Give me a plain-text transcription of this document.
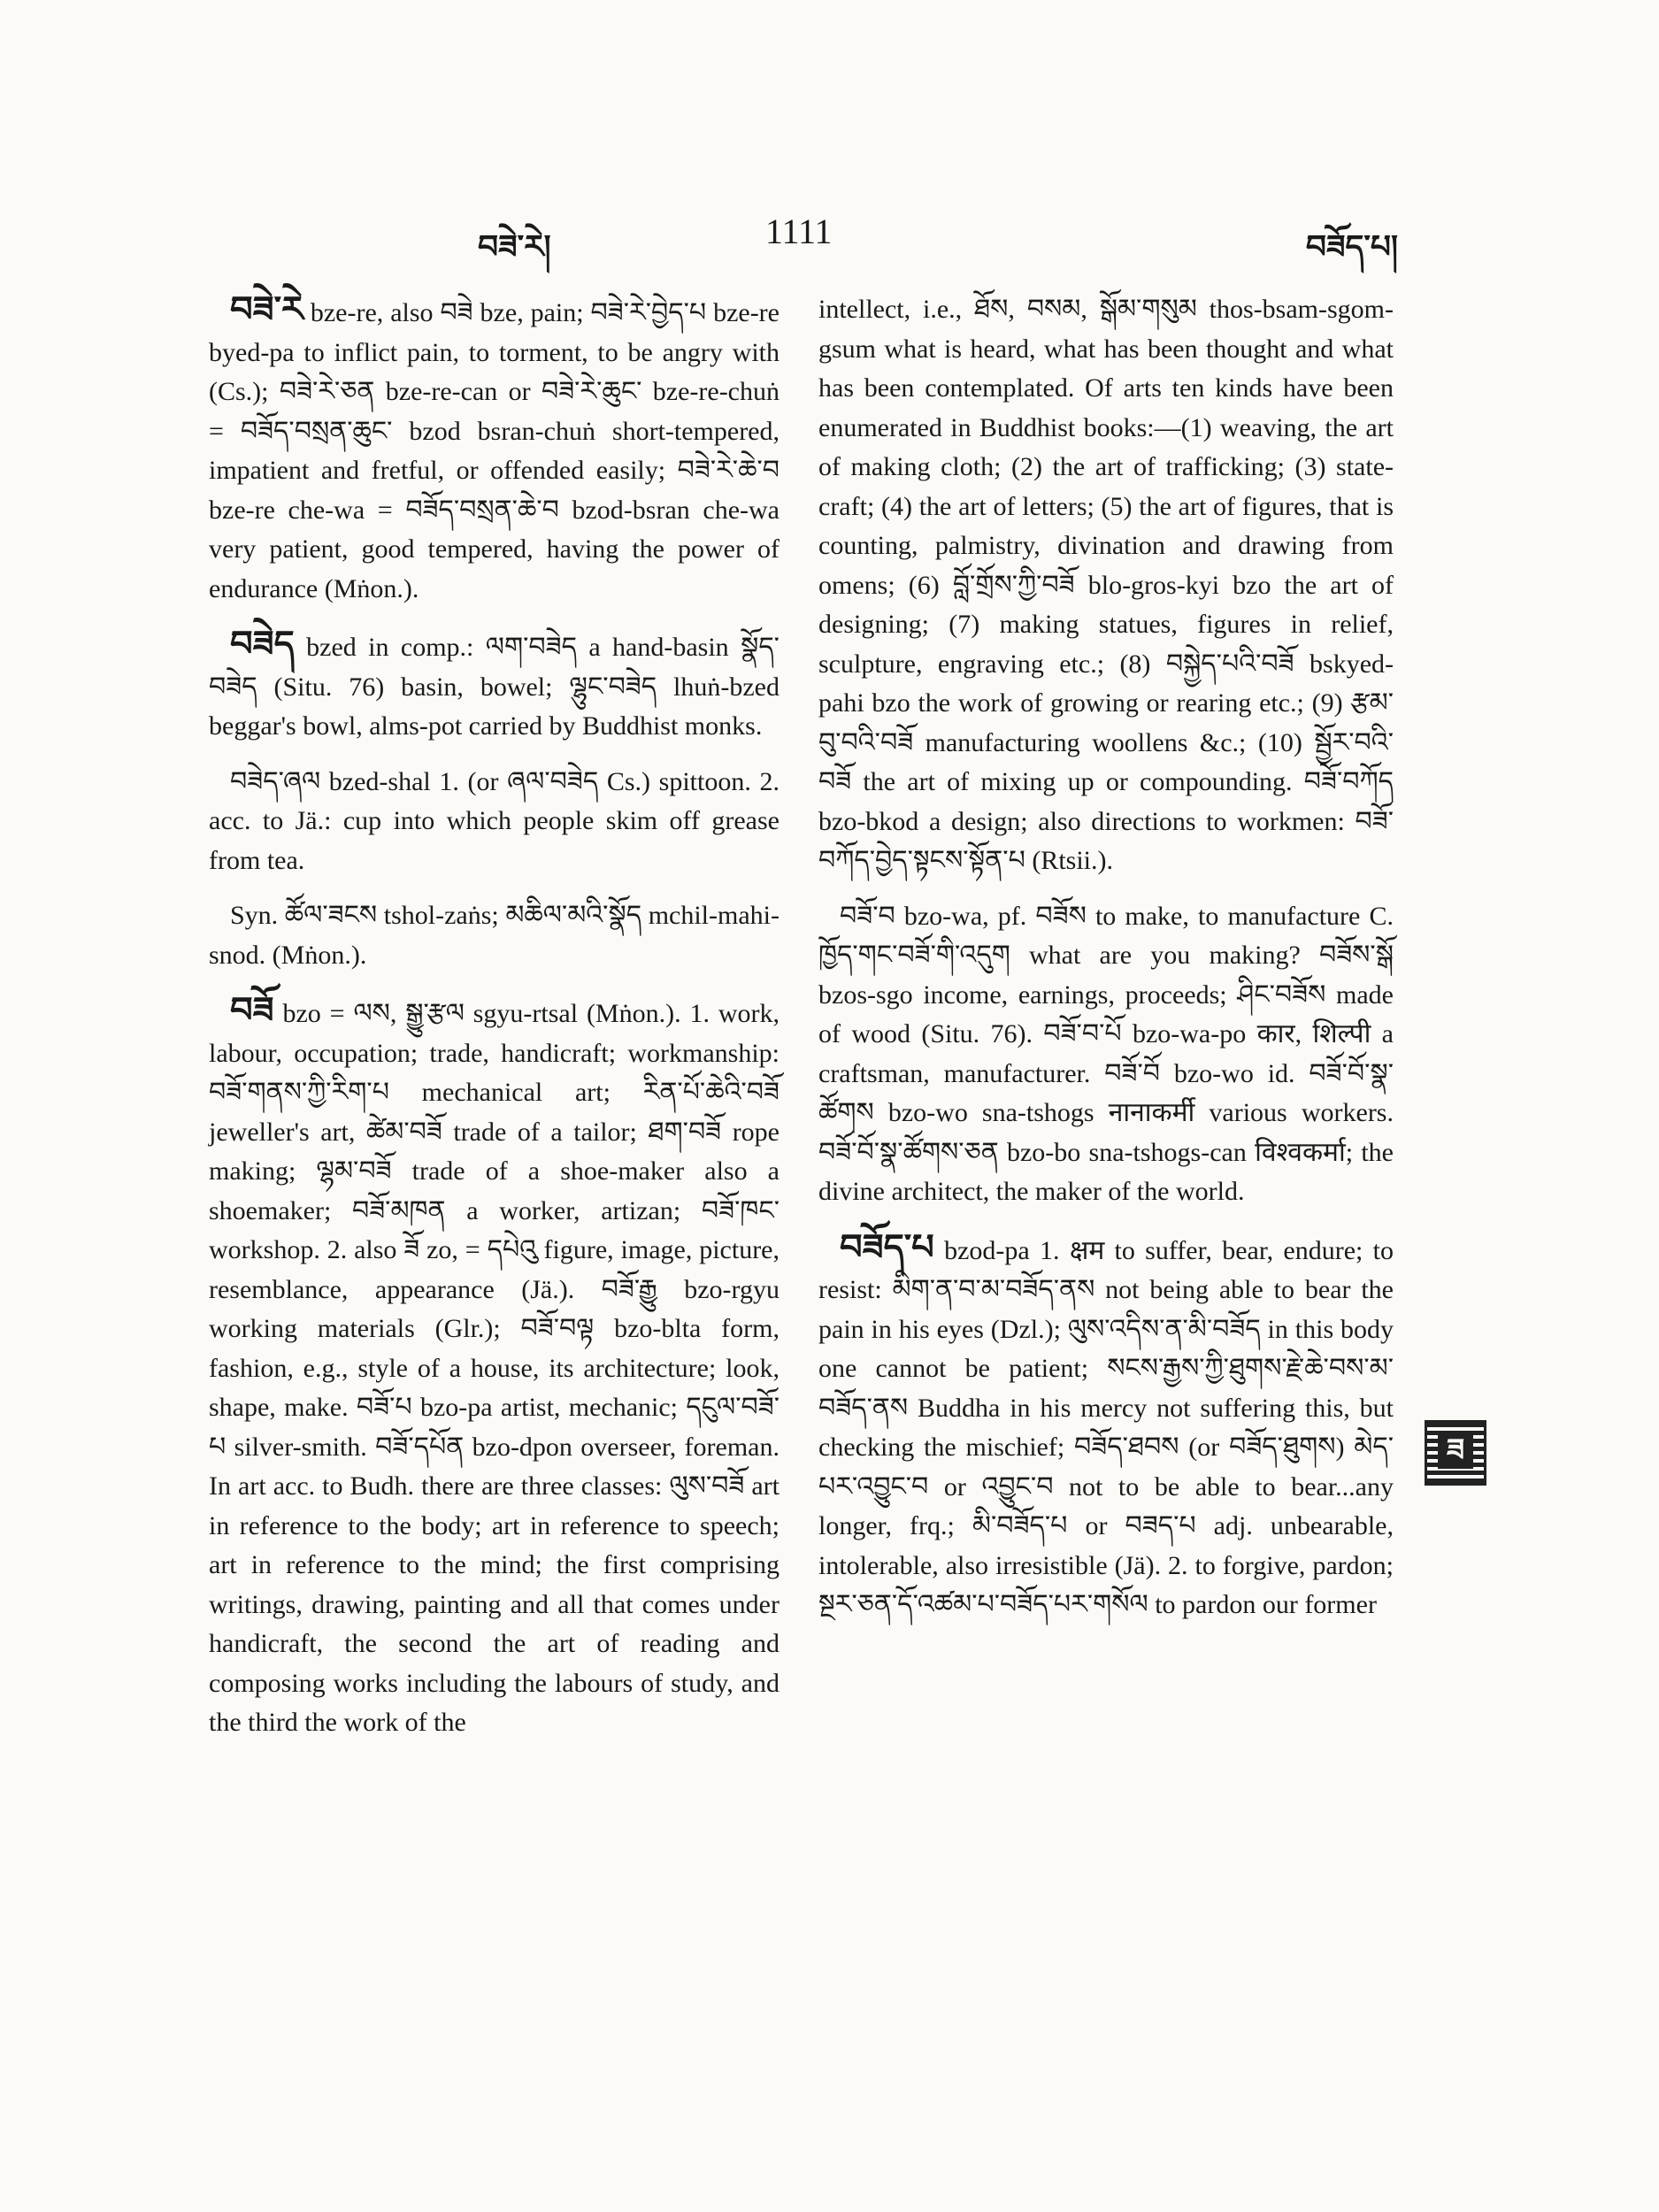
བཟེ་རེ།	1111	བཟོད་པ།

བཟེ་རེ bze-re, also བཟེ bze, pain; བཟེ་རེ་བྱེད་པ bze-re byed-pa to inflict pain, to torment, to be angry with (Cs.); བཟེ་རེ་ཅན bze-re-can or བཟེ་རེ་ཆུང་ bze-re-chuṅ = བཟོད་བསྲན་ཆུང་ bzod bsran-chuṅ short-tempered, impatient and fretful, or offended easily; བཟེ་རེ་ཆེ་བ bze-re che-wa = བཟོད་བསྲན་ཆེ་བ bzod-bsran che-wa very patient, good tempered, having the power of endurance (Mṅon.).

བཟེད bzed in comp.: ལག་བཟེད a hand-basin སྣོད་བཟེད (Situ. 76) basin, bowel; ལྷུང་བཟེད lhuṅ-bzed beggar's bowl, alms-pot carried by Buddhist monks.

བཟེད་ཞལ bzed-shal 1. (or ཞལ་བཟེད Cs.) spittoon. 2. acc. to Jä.: cup into which people skim off grease from tea.

Syn. ཚོལ་ཟངས tshol-zaṅs; མཆིལ་མའི་སྣོད mchil-mahi-snod. (Mṅon.).

བཟོ bzo = ལས, སྒྱུ་རྩལ sgyu-rtsal (Mṅon.). 1. work, labour, occupation; trade, handicraft; workmanship: བཟོ་གནས་ཀྱི་རིག་པ mechanical art; རིན་པོ་ཆེའི་བཟོ jeweller's art, ཚེམ་བཟོ trade of a tailor; ཐག་བཟོ rope making; ལྷམ་བཟོ trade of a shoe-maker also a shoemaker; བཟོ་མཁན a worker, artizan; བཟོ་ཁང་ workshop. 2. also ཟོ zo, = དཔེའུ figure, image, picture, resemblance, appearance (Jä.). བཟོ་རྒྱུ bzo-rgyu working materials (Glr.); བཟོ་བལྟ bzo-blta form, fashion, e.g., style of a house, its architecture; look, shape, make. བཟོ་པ bzo-pa artist, mechanic; དངུལ་བཟོ་པ silver-smith. བཟོ་དཔོན bzo-dpon overseer, foreman. In art acc. to Budh. there are three classes: ལུས་བཟོ art in reference to the body; art in reference to speech; art in reference to the mind; the first comprising writings, drawing, painting and all that comes under handicraft, the second the art of reading and composing works including the labours of study, and the third the work of the

intellect, i.e., ཐོས, བསམ, སྒོམ་གསུམ thos-bsam-sgom-gsum what is heard, what has been thought and what has been contemplated. Of arts ten kinds have been enumerated in Buddhist books:—(1) weaving, the art of making cloth; (2) the art of trafficking; (3) state-craft; (4) the art of letters; (5) the art of figures, that is counting, palmistry, divination and drawing from omens; (6) བློ་གྲོས་ཀྱི་བཟོ blo-gros-kyi bzo the art of designing; (7) making statues, figures in relief, sculpture, engraving etc.; (8) བསྐྱེད་པའི་བཟོ bskyed-pahi bzo the work of growing or rearing etc.; (9) རྩམ་བུ་བའི་བཟོ manufacturing woollens &c.; (10) སྦྱོར་བའི་བཟོ the art of mixing up or compounding. བཟོ་བཀོད bzo-bkod a design; also directions to workmen: བཟོ་བཀོད་བྱེད་སྟངས་སྟོན་པ (Rtsii.).

བཟོ་བ bzo-wa, pf. བཟོས to make, to manufacture C. ཁྱོད་གང་བཟོ་གི་འདུག what are you making? བཟོས་སྒོ bzos-sgo income, earnings, proceeds; ཤིང་བཟོས made of wood (Situ. 76). བཟོ་བ་པོ bzo-wa-po कार, शिल्पी a craftsman, manufacturer. བཟོ་བོ bzo-wo id. བཟོ་བོ་སྣ་ཚོགས bzo-wo sna-tshogs नानाकर्मी various workers. བཟོ་བོ་སྣ་ཚོགས་ཅན bzo-bo sna-tshogs-can विश्वकर्मा; the divine architect, the maker of the world.

བཟོད་པ bzod-pa 1. क्षम to suffer, bear, endure; to resist: མིག་ན་བ་མ་བཟོད་ནས not being able to bear the pain in his eyes (Dzl.); ལུས་འདིས་ན་མི་བཟོད in this body one cannot be patient; སངས་རྒྱས་ཀྱི་ཐུགས་རྗེ་ཆེ་བས་མ་བཟོད་ནས Buddha in his mercy not suffering this, but checking the mischief; བཟོད་ཐབས (or བཟོད་ཐུགས) མེད་པར་འབྱུང་བ or འབྱུང་བ not to be able to bear...any longer, frq.; མི་བཟོད་པ or བཟད་པ adj. unbearable, intolerable, also irresistible (Jä). 2. to forgive, pardon; སྔར་ཅན་དོ་འཚམ་པ་བཟོད་པར་གསོལ to pardon our former

ཟ
